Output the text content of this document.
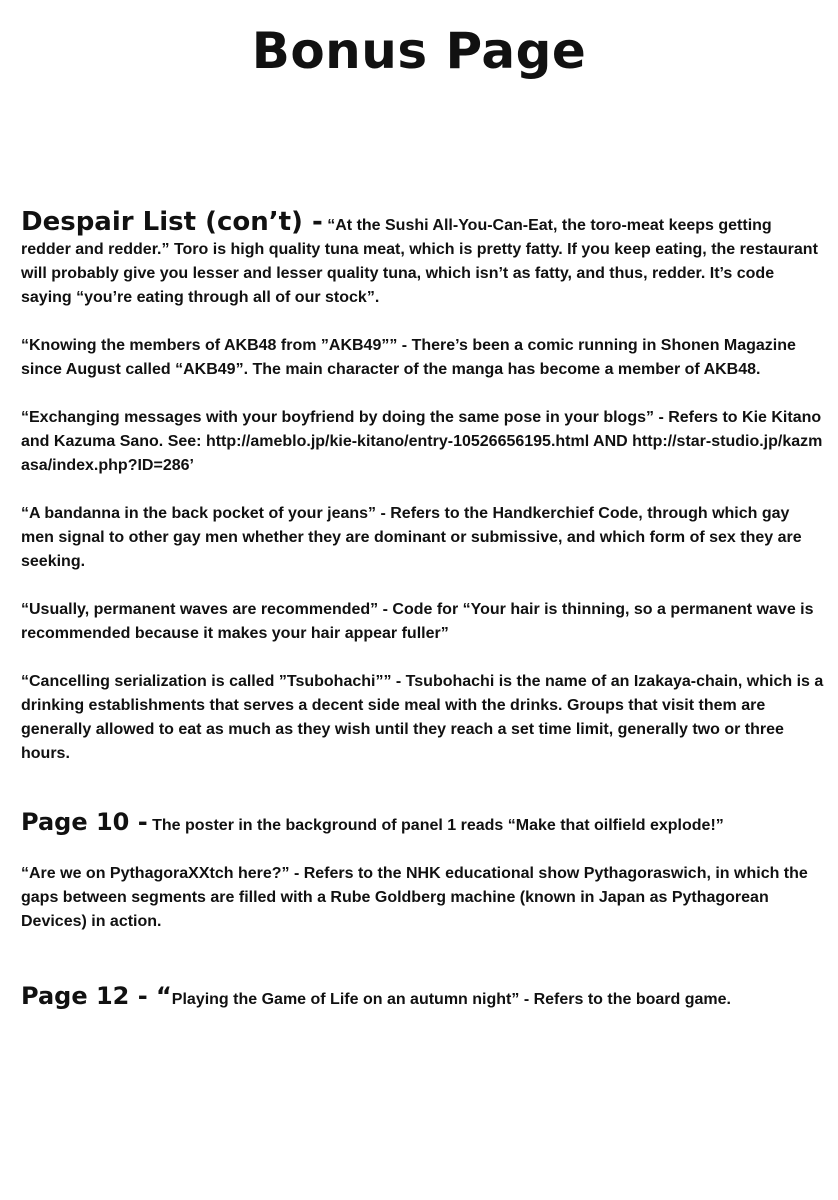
Bonus Page

Despair List (con’t) - “At the Sushi All-You-Can-Eat, the toro-meat keeps getting redder and redder.” Toro is high quality tuna meat, which is pretty fatty. If you keep eating, the restaurant will probably give you lesser and lesser quality tuna, which isn’t as fatty, and thus, redder. It’s code saying “you’re eating through all of our stock”.

“Knowing the members of AKB48 from ”AKB49”” - There’s been a comic running in Shonen Magazine since August called “AKB49”. The main character of the manga has become a member of AKB48.

“Exchanging messages with your boyfriend by doing the same pose in your blogs” - Refers to Kie Kitano and Kazuma Sano. See: http://ameblo.jp/kie-kitano/entry-10526656195.html AND http://star-studio.jp/kazmasa/index.php?ID=286’

“A bandanna in the back pocket of your jeans” - Refers to the Handkerchief Code, through which gay men signal to other gay men whether they are dominant or submissive, and which form of sex they are seeking.

“Usually, permanent waves are recommended” - Code for “Your hair is thinning, so a permanent wave is recommended because it makes your hair appear fuller”

“Cancelling serialization is called ”Tsubohachi”” - Tsubohachi is the name of an Izakaya-chain, which is a drinking establishments that serves a decent side meal with the drinks. Groups that visit them are generally allowed to eat as much as they wish until they reach a set time limit, generally two or three hours.

Page 10 - The poster in the background of panel 1 reads “Make that oilfield explode!”

“Are we on PythagoraXXtch here?” - Refers to the NHK educational show Pythagoraswich, in which the gaps between segments are filled with a Rube Goldberg machine (known in Japan as Pythagorean Devices) in action.

Page 12 - “Playing the Game of Life on an autumn night” - Refers to the board game.
